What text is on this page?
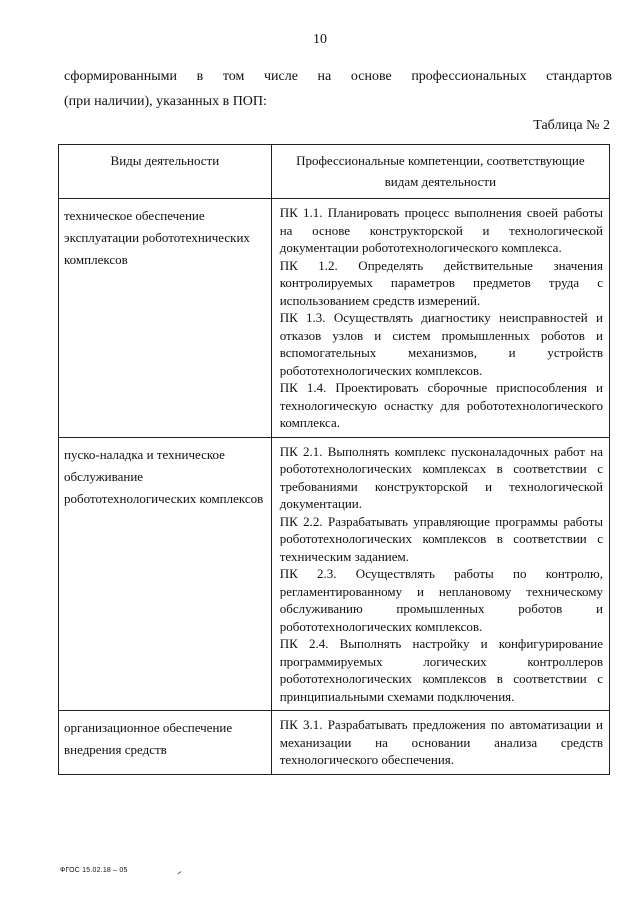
10
сформированными в том числе на основе профессиональных стандартов
(при наличии), указанных в ПОП:
Таблица № 2
Виды деятельности	Профессиональные компетенции, соответствующие видам деятельности
техническое обеспечение эксплуатации робототехнических комплексов	ПК 1.1. Планировать процесс выполнения своей работы на основе конструкторской и технологической документации робототехнологического комплекса.

ПК 1.2. Определять действительные значения контролируемых параметров предметов труда с использованием средств измерений.

ПК 1.3. Осуществлять диагностику неисправностей и отказов узлов и систем промышленных роботов и вспомогательных механизмов, и устройств робототехнологических комплексов.

ПК 1.4. Проектировать сборочные приспособления и технологическую оснастку для робототехнологического комплекса.

пуско-наладка и техническое обслуживание робототехнологических комплексов	ПК 2.1. Выполнять комплекс пусконаладочных работ на робототехнологических комплексах в соответствии с требованиями конструкторской и технологической документации.

ПК 2.2. Разрабатывать управляющие программы работы робототехнологических комплексов в соответствии с техническим заданием.

ПК 2.3. Осуществлять работы по контролю, регламентированному и неплановому техническому обслуживанию промышленных роботов и робототехнологических комплексов.

ПК 2.4. Выполнять настройку и конфигурирование программируемых логических контроллеров робототехнологических комплексов в соответствии с принципиальными схемами подключения.

организационное обеспечение внедрения средств	ПК 3.1. Разрабатывать предложения по автоматизации и механизации на основании анализа средств технологического обеспечения.

ФГОС 15.02.18 – 05
